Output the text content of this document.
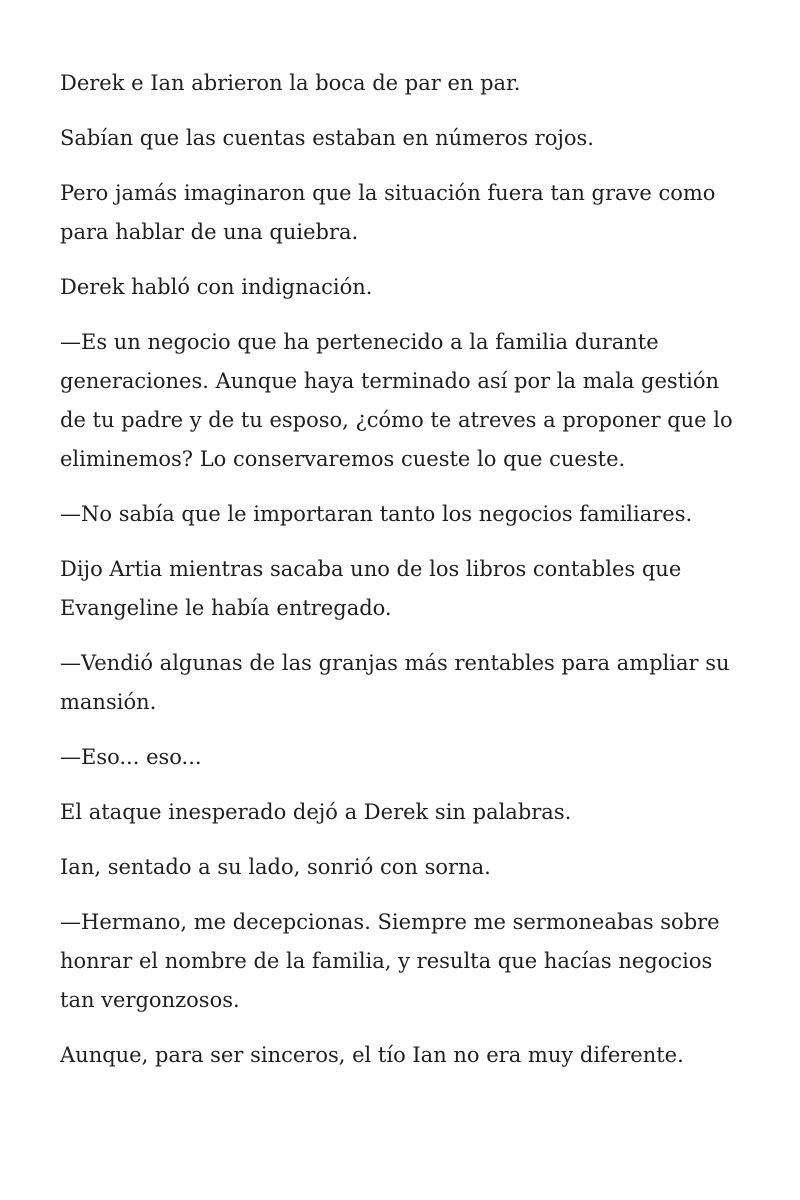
Derek e Ian abrieron la boca de par en par.

Sabían que las cuentas estaban en números rojos.

Pero jamás imaginaron que la situación fuera tan grave como para hablar de una quiebra.

Derek habló con indignación.

—Es un negocio que ha pertenecido a la familia durante generaciones. Aunque haya terminado así por la mala gestión de tu padre y de tu esposo, ¿cómo te atreves a proponer que lo eliminemos? Lo conservaremos cueste lo que cueste.

—No sabía que le importaran tanto los negocios familiares.

Dijo Artia mientras sacaba uno de los libros contables que Evangeline le había entregado.

—Vendió algunas de las granjas más rentables para ampliar su mansión.

—Eso... eso...

El ataque inesperado dejó a Derek sin palabras.

Ian, sentado a su lado, sonrió con sorna.

—Hermano, me decepcionas. Siempre me sermoneabas sobre honrar el nombre de la familia, y resulta que hacías negocios tan vergonzosos.

Aunque, para ser sinceros, el tío Ian no era muy diferente.
